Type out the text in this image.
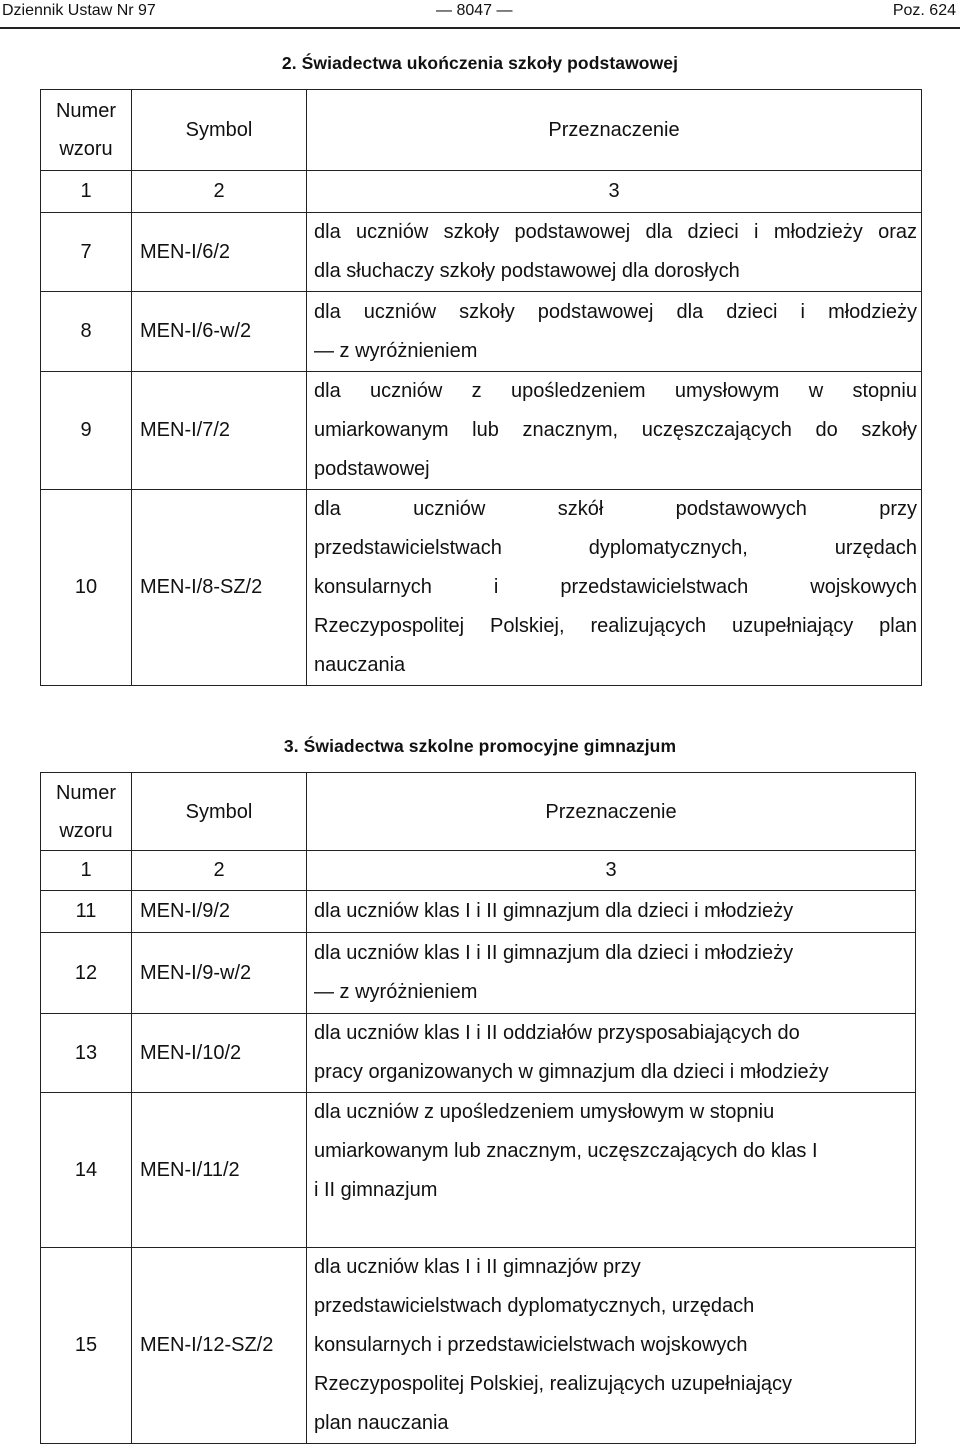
Dziennik Ustaw Nr 97	— 8047 —	Poz. 624
2. Świadectwa ukończenia szkoły podstawowej
Numer
wzoru	Symbol	Przeznaczenie
1	2	3
7	MEN-I/6/2	dla uczniów szkoły podstawowej dla dzieci i młodzieży oraz
dla słuchaczy szkoły podstawowej dla dorosłych

8	MEN-I/6-w/2	dla uczniów szkoły podstawowej dla dzieci i młodzieży
— z wyróżnieniem

9	MEN-I/7/2	dla uczniów z upośledzeniem umysłowym w stopniu
umiarkowanym lub znacznym, uczęszczających do szkoły
podstawowej

10	MEN-I/8-SZ/2	dla uczniów szkół podstawowych przy
przedstawicielstwach dyplomatycznych, urzędach
konsularnych i przedstawicielstwach wojskowych
Rzeczypospolitej Polskiej, realizujących uzupełniający plan
nauczania
3. Świadectwa szkolne promocyjne gimnazjum
Numer
wzoru	Symbol	Przeznaczenie
1	2	3
11	MEN-I/9/2	dla uczniów klas I i II gimnazjum dla dzieci i młodzieży

12	MEN-I/9-w/2	dla uczniów klas I i II gimnazjum dla dzieci i młodzieży
— z wyróżnieniem

13	MEN-I/10/2	dla uczniów klas I i II oddziałów przysposabiających do
pracy organizowanych w gimnazjum dla dzieci i młodzieży

14	MEN-I/11/2	dla uczniów z upośledzeniem umysłowym w stopniu
umiarkowanym lub znacznym, uczęszczających do klas I
i II gimnazjum

15	MEN-I/12-SZ/2	dla uczniów klas I i II gimnazjów przy
przedstawicielstwach dyplomatycznych, urzędach
konsularnych i przedstawicielstwach wojskowych
Rzeczypospolitej Polskiej, realizujących uzupełniający
plan nauczania
